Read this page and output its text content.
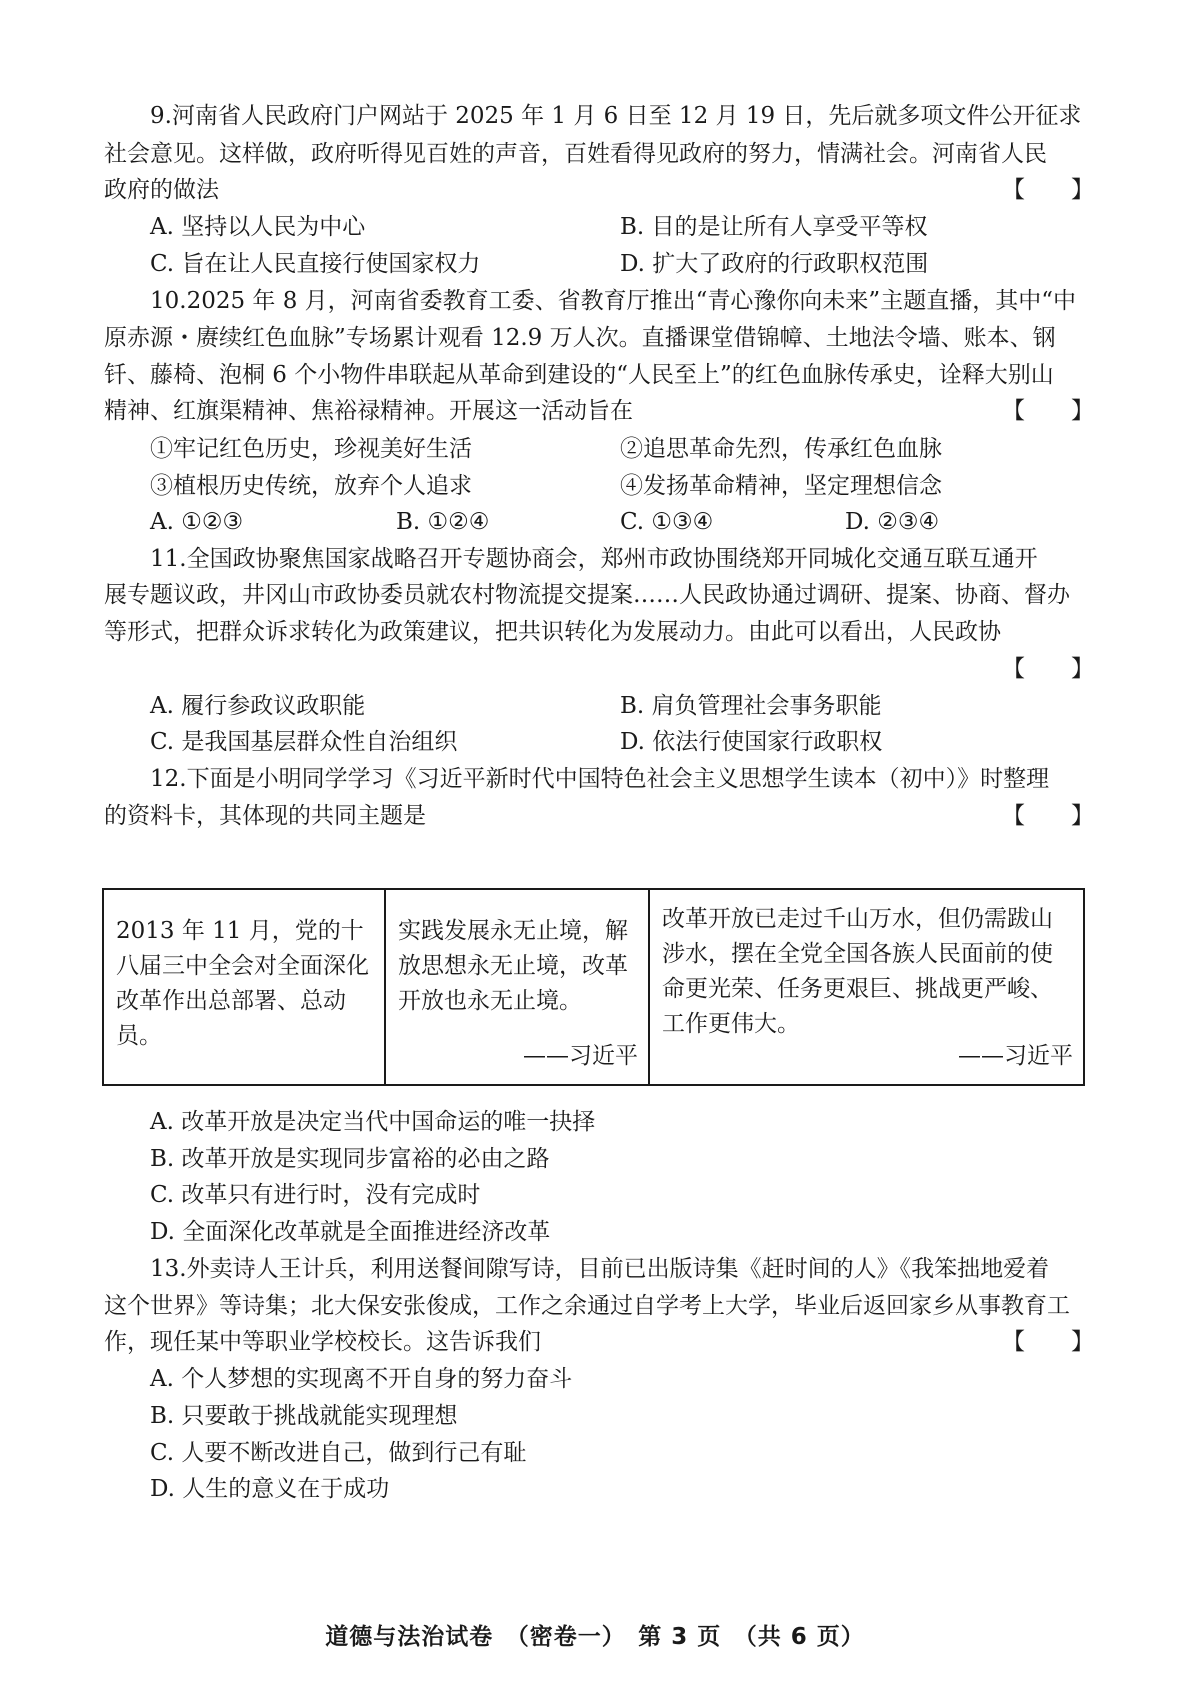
9.河南省人民政府门户网站于 2025 年 1 月 6 日至 12 月 19 日，先后就多项文件公开征求
社会意见。这样做，政府听得见百姓的声音，百姓看得见政府的努力，情满社会。河南省人民
政府的做法	【　　】
A. 坚持以人民为中心	B. 目的是让所有人享受平等权
C. 旨在让人民直接行使国家权力	D. 扩大了政府的行政职权范围
10.2025 年 8 月，河南省委教育工委、省教育厅推出“青心豫你向未来”主题直播，其中“中
原赤源・赓续红色血脉”专场累计观看 12.9 万人次。直播课堂借锦幛、土地法令墙、账本、钢
钎、藤椅、泡桐 6 个小物件串联起从革命到建设的“人民至上”的红色血脉传承史，诠释大别山
精神、红旗渠精神、焦裕禄精神。开展这一活动旨在	【　　】
①牢记红色历史，珍视美好生活	②追思革命先烈，传承红色血脉
③植根历史传统，放弃个人追求	④发扬革命精神，坚定理想信念
A. ①②③	B. ①②④	C. ①③④	D. ②③④
11.全国政协聚焦国家战略召开专题协商会，郑州市政协围绕郑开同城化交通互联互通开
展专题议政，井冈山市政协委员就农村物流提交提案……人民政协通过调研、提案、协商、督办
等形式，把群众诉求转化为政策建议，把共识转化为发展动力。由此可以看出，人民政协
【　　】
A. 履行参政议政职能	B. 肩负管理社会事务职能
C. 是我国基层群众性自治组织	D. 依法行使国家行政职权
12.下面是小明同学学习《习近平新时代中国特色社会主义思想学生读本（初中）》时整理
的资料卡，其体现的共同主题是	【　　】
2013 年 11 月，党的十八届三中全会对全面深化改革作出总部署、总动员。
实践发展永无止境，解放思想永无止境，改革开放也永无止境。
——习近平
改革开放已走过千山万水，但仍需跋山涉水，摆在全党全国各族人民面前的使命更光荣、任务更艰巨、挑战更严峻、工作更伟大。
——习近平
A. 改革开放是决定当代中国命运的唯一抉择
B. 改革开放是实现同步富裕的必由之路
C. 改革只有进行时，没有完成时
D. 全面深化改革就是全面推进经济改革
13.外卖诗人王计兵，利用送餐间隙写诗，目前已出版诗集《赶时间的人》《我笨拙地爱着
这个世界》等诗集；北大保安张俊成，工作之余通过自学考上大学，毕业后返回家乡从事教育工
作，现任某中等职业学校校长。这告诉我们	【　　】
A. 个人梦想的实现离不开自身的努力奋斗
B. 只要敢于挑战就能实现理想
C. 人要不断改进自己，做到行己有耻
D. 人生的意义在于成功
道德与法治试卷　（密卷一）　第 3 页　（共 6 页）
